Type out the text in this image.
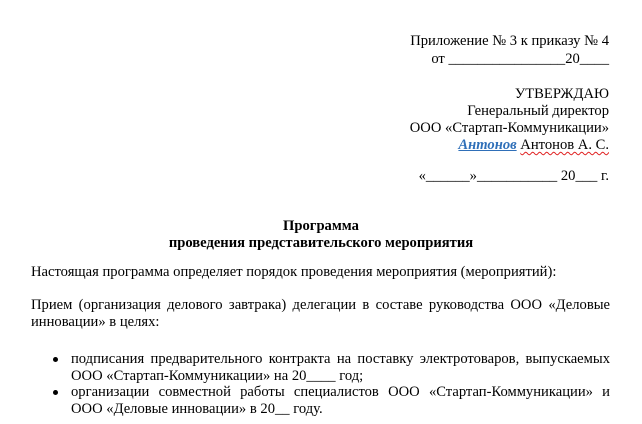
Приложение № 3 к приказу № 4
от ________________20____
УТВЕРЖДАЮ
Генеральный директор
ООО «Стартап-Коммуникации»
Антонов Антонов А. С.
«______»___________ 20___ г.
Программа
проведения представительского мероприятия
Настоящая программа определяет порядок проведения мероприятия (мероприятий):
Прием (организация делового завтрака) делегации в составе руководства ООО «Деловые инновации» в целях:
подписания предварительного контракта на поставку электротоваров, выпускаемых ООО «Стартап-Коммуникации» на 20____ год;
организации совместной работы специалистов ООО «Стартап-Коммуникации» и ООО «Деловые инновации» в 20__ году.
